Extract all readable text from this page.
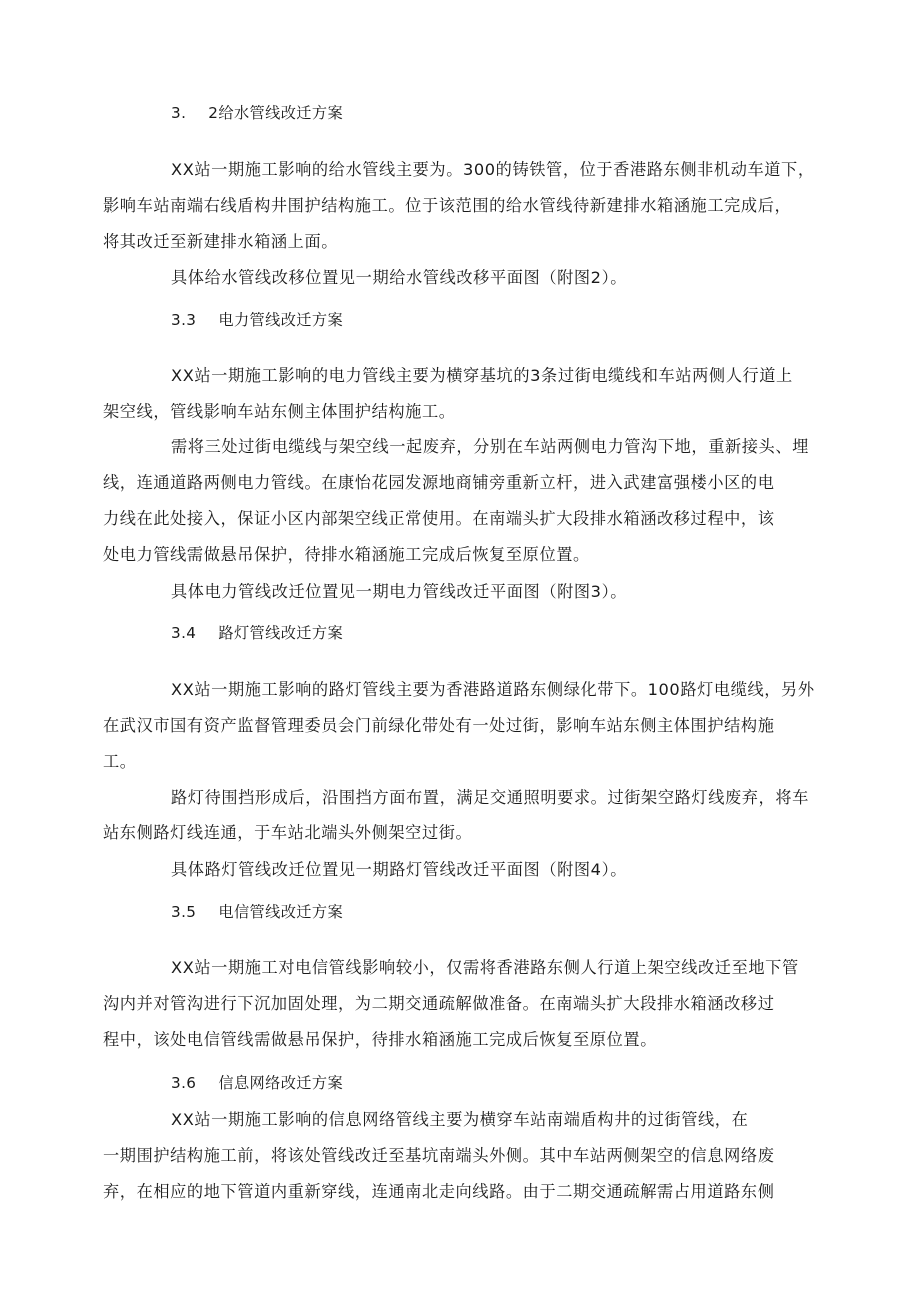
3. 2给水管线改迁方案
XX站一期施工影响的给水管线主要为。300的铸铁管，位于香港路东侧非机动车道下，
影响车站南端右线盾构井围护结构施工。位于该范围的给水管线待新建排水箱涵施工完成后，
将其改迁至新建排水箱涵上面。
具体给水管线改移位置见一期给水管线改移平面图（附图2）。
3.3 电力管线改迁方案
XX站一期施工影响的电力管线主要为横穿基坑的3条过街电缆线和车站两侧人行道上
架空线，管线影响车站东侧主体围护结构施工。
需将三处过街电缆线与架空线一起废弃，分别在车站两侧电力管沟下地，重新接头、埋
线，连通道路两侧电力管线。在康怡花园发源地商铺旁重新立杆，进入武建富强楼小区的电
力线在此处接入，保证小区内部架空线正常使用。在南端头扩大段排水箱涵改移过程中，该
处电力管线需做悬吊保护，待排水箱涵施工完成后恢复至原位置。
具体电力管线改迁位置见一期电力管线改迁平面图（附图3）。
3.4 路灯管线改迁方案
XX站一期施工影响的路灯管线主要为香港路道路东侧绿化带下。100路灯电缆线，另外
在武汉市国有资产监督管理委员会门前绿化带处有一处过街，影响车站东侧主体围护结构施
工。
路灯待围挡形成后，沿围挡方面布置，满足交通照明要求。过街架空路灯线废弃，将车
站东侧路灯线连通，于车站北端头外侧架空过街。
具体路灯管线改迁位置见一期路灯管线改迁平面图（附图4）。
3.5 电信管线改迁方案
XX站一期施工对电信管线影响较小，仅需将香港路东侧人行道上架空线改迁至地下管
沟内并对管沟进行下沉加固处理，为二期交通疏解做准备。在南端头扩大段排水箱涵改移过
程中，该处电信管线需做悬吊保护，待排水箱涵施工完成后恢复至原位置。
3.6 信息网络改迁方案
XX站一期施工影响的信息网络管线主要为横穿车站南端盾构井的过街管线，在
一期围护结构施工前，将该处管线改迁至基坑南端头外侧。其中车站两侧架空的信息网络废
弃，在相应的地下管道内重新穿线，连通南北走向线路。由于二期交通疏解需占用道路东侧
